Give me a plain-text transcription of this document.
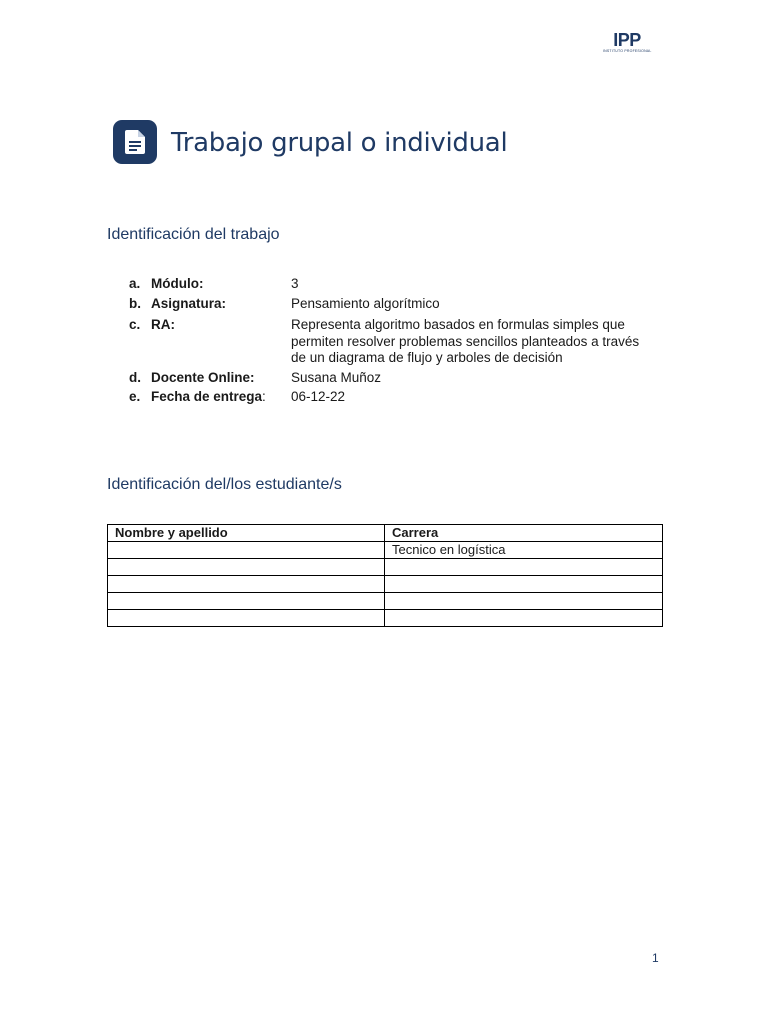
IPP
INSTITUTO PROFESIONAL
Trabajo grupal o individual
Identificación del trabajo
a. Módulo:	3
b. Asignatura:	Pensamiento algorítmico
c. RA:	Representa algoritmo basados en formulas simples que permiten resolver problemas sencillos planteados a través de un diagrama de flujo y arboles de decisión
d. Docente Online:	Susana Muñoz
e. Fecha de entrega: 06-12-22
Identificación del/los estudiante/s
Nombre y apellido	Carrera
	Tecnico en logística

1
